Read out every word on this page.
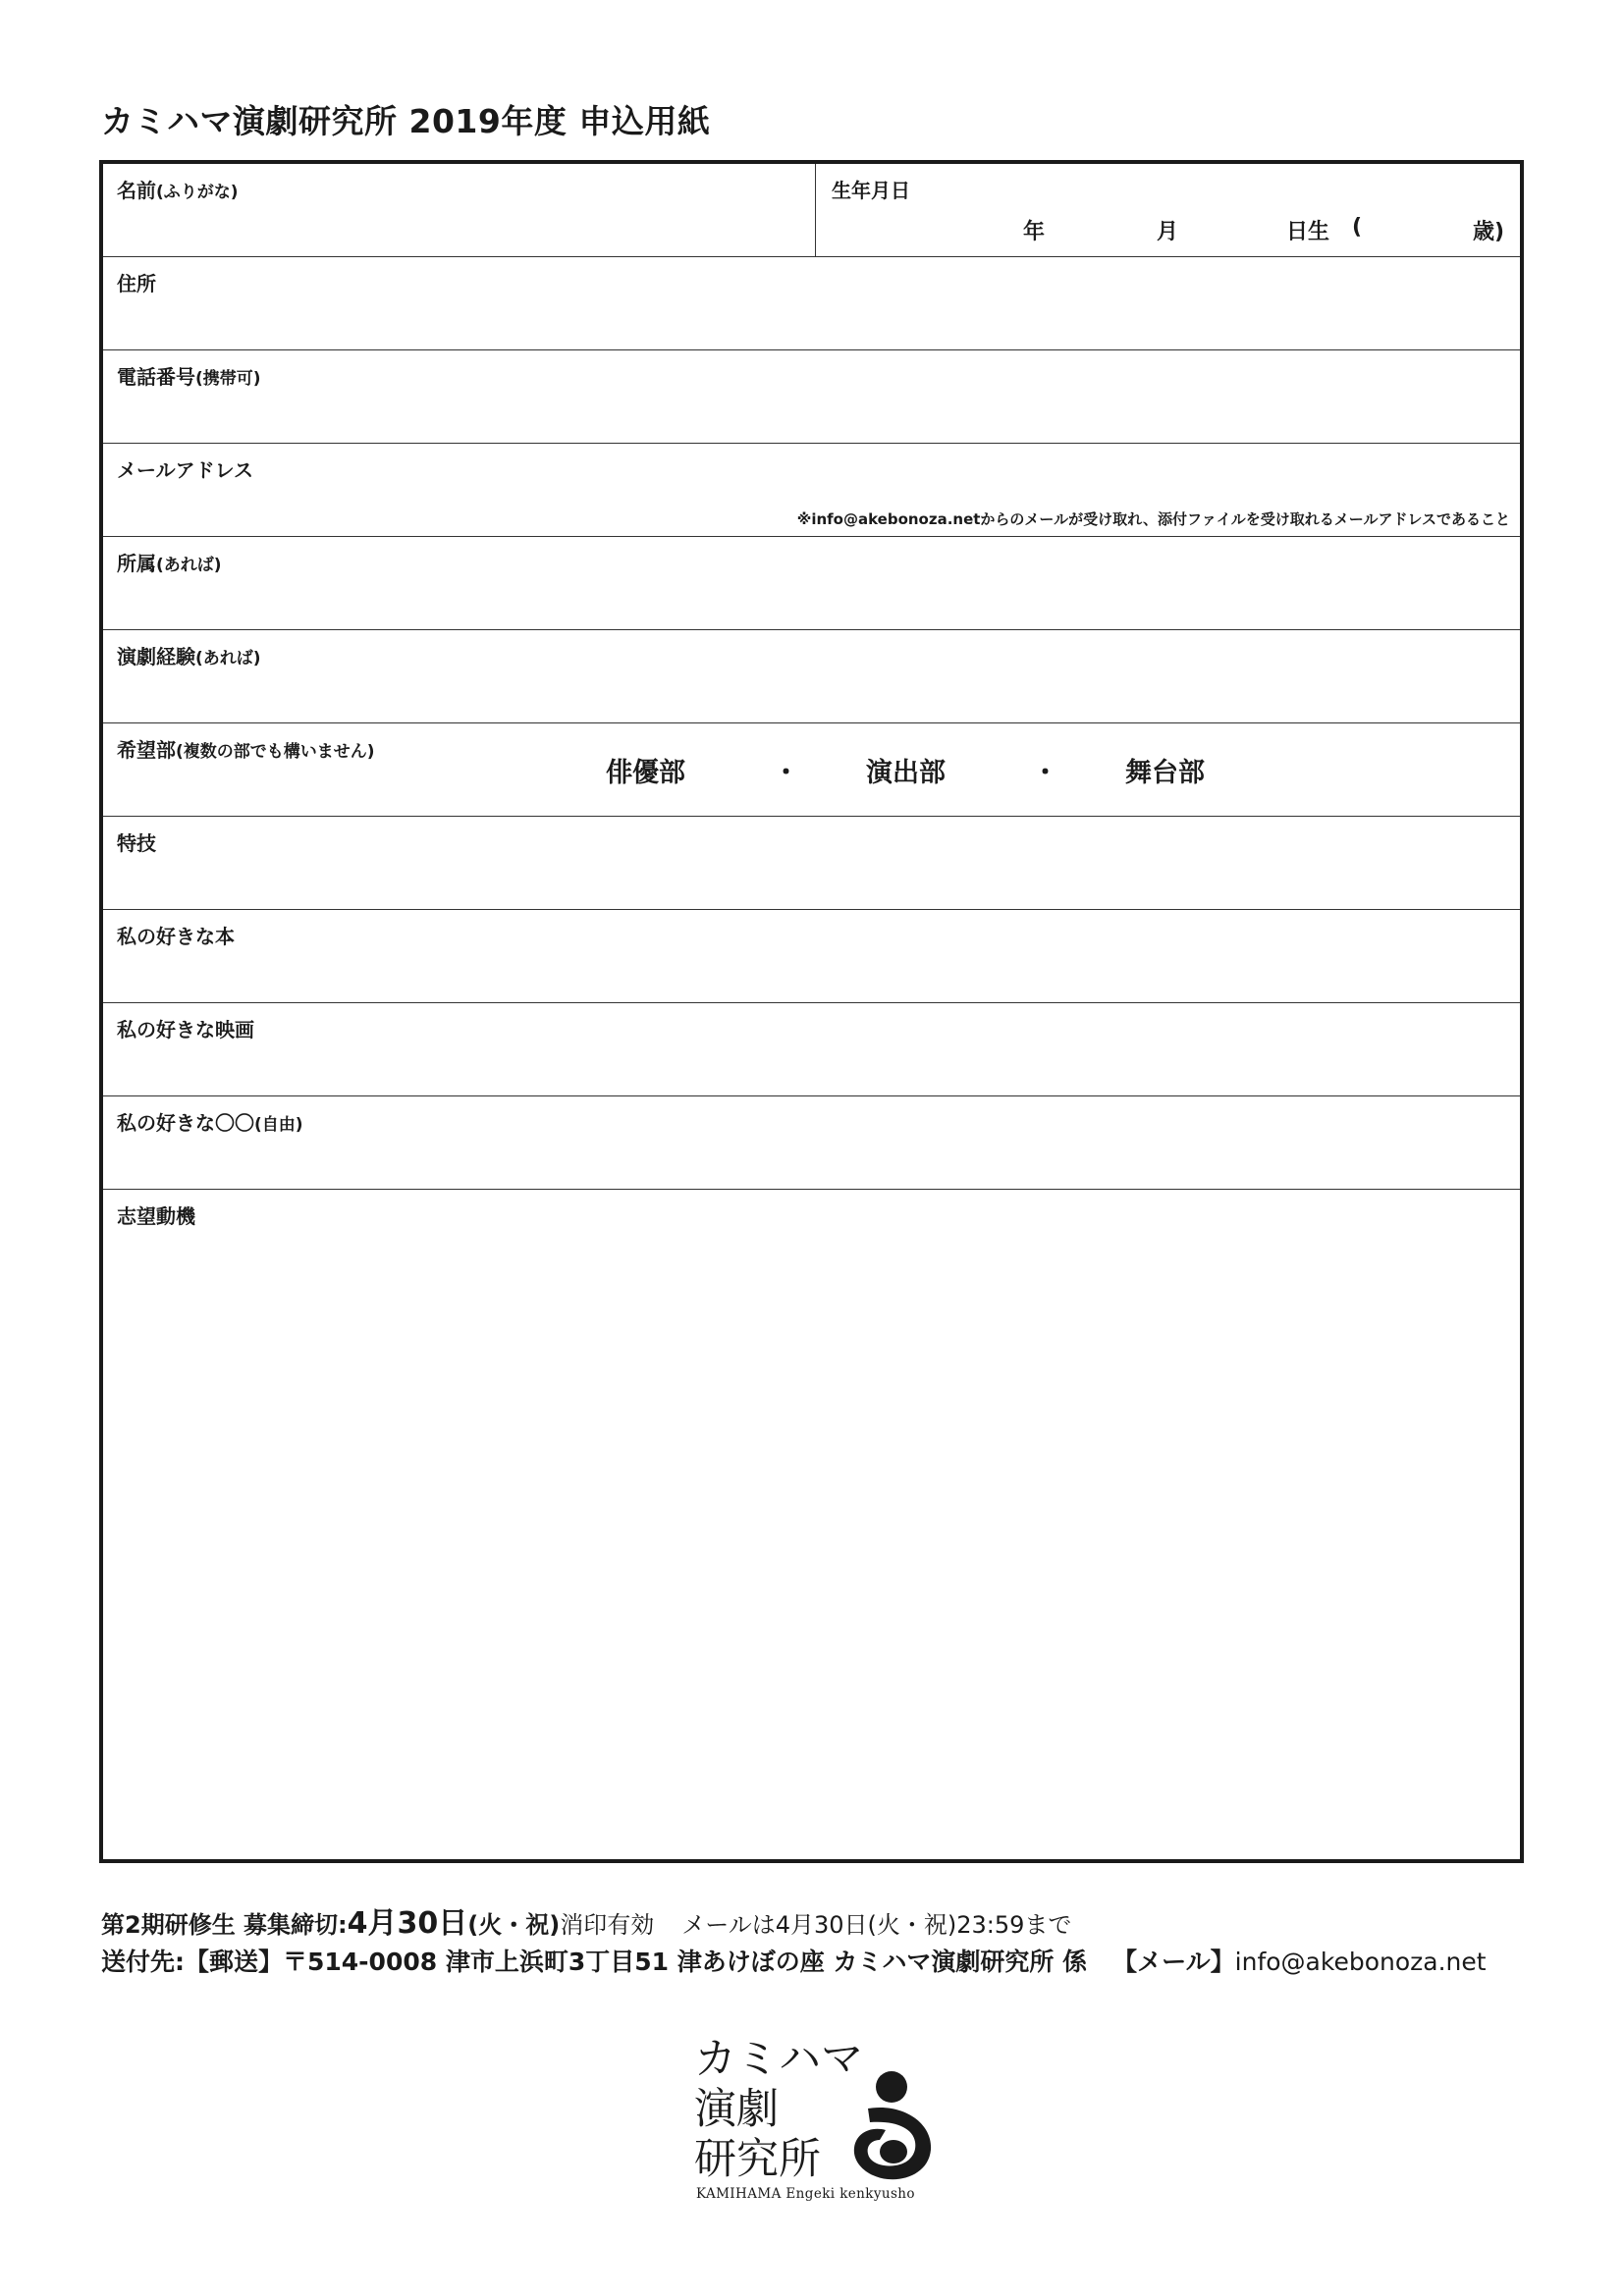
カミハマ演劇研究所 2019年度 申込用紙
名前(ふりがな)	生年月日
年	月	日生 (	歳)
住所
電話番号(携帯可)
メールアドレス
※info@akebonoza.netからのメールが受け取れ、添付ファイルを受け取れるメールアドレスであること
所属(あれば)
演劇経験(あれば)
希望部(複数の部でも構いません)
俳優部	・	演出部	・	舞台部
特技
私の好きな本
私の好きな映画
私の好きな〇〇(自由)
志望動機
第2期研修生 募集締切:4月30日(火・祝)消印有効 メールは4月30日(火・祝)23:59まで
送付先:【郵送】〒514-0008 津市上浜町3丁目51 津あけぼの座 カミハマ演劇研究所 係 【メール】info@akebonoza.net
カミハマ
演劇
研究所
KAMIHAMA Engeki kenkyusho
